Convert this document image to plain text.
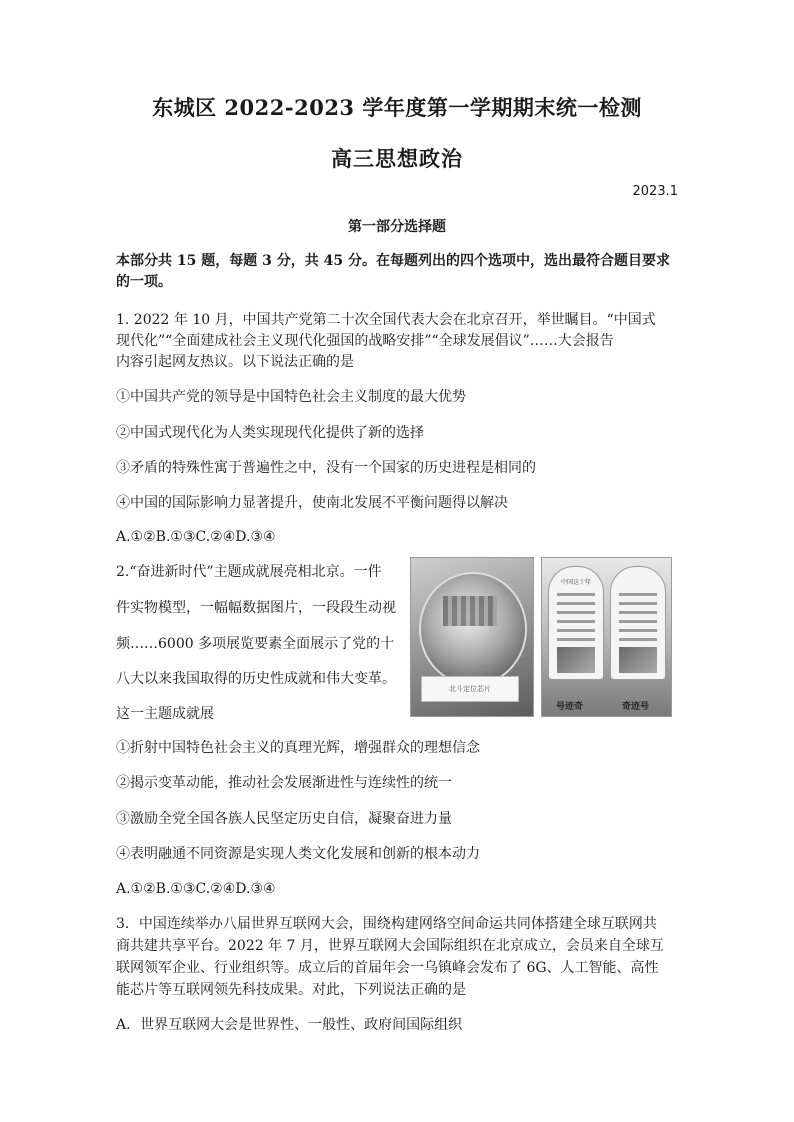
东城区 2022-2023 学年度第一学期期末统一检测
高三思想政治
2023.1
第一部分选择题
本部分共 15 题，每题 3 分，共 45 分。在每题列出的四个选项中，选出最符合题目要求
的一项。
1. 2022 年 10 月，中国共产党第二十次全国代表大会在北京召开，举世瞩目。“中国式
现代化”“全面建成社会主义现代化强国的战略安排”“全球发展倡议”……大会报告
内容引起网友热议。以下说法正确的是
①中国共产党的领导是中国特色社会主义制度的最大优势
②中国式现代化为人类实现现代化提供了新的选择
③矛盾的特殊性寓于普遍性之中，没有一个国家的历史进程是相同的
④中国的国际影响力显著提升，使南北发展不平衡问题得以解决
A.①②B.①③C.②④D.③④
2.“奋进新时代”主题成就展亮相北京。一件
件实物模型，一幅幅数据图片，一段段生动视
频……6000 多项展览要素全面展示了党的十
八大以来我国取得的历史性成就和伟大变革。
这一主题成就展
北斗定位芯片
中国这十年
号迹奇	奇迹号
①折射中国特色社会主义的真理光辉，增强群众的理想信念
②揭示变革动能，推动社会发展渐进性与连续性的统一
③激励全党全国各族人民坚定历史自信，凝聚奋进力量
④表明融通不同资源是实现人类文化发展和创新的根本动力
A.①②B.①③C.②④D.③④
3．中国连续举办八届世界互联网大会，围绕构建网络空间命运共同体搭建全球互联网共
商共建共享平台。2022 年 7 月，世界互联网大会国际组织在北京成立，会员来自全球互
联网领军企业、行业组织等。成立后的首届年会一乌镇峰会发布了 6G、人工智能、高性
能芯片等互联网领先科技成果。对此，下列说法正确的是
A．世界互联网大会是世界性、一般性、政府间国际组织
